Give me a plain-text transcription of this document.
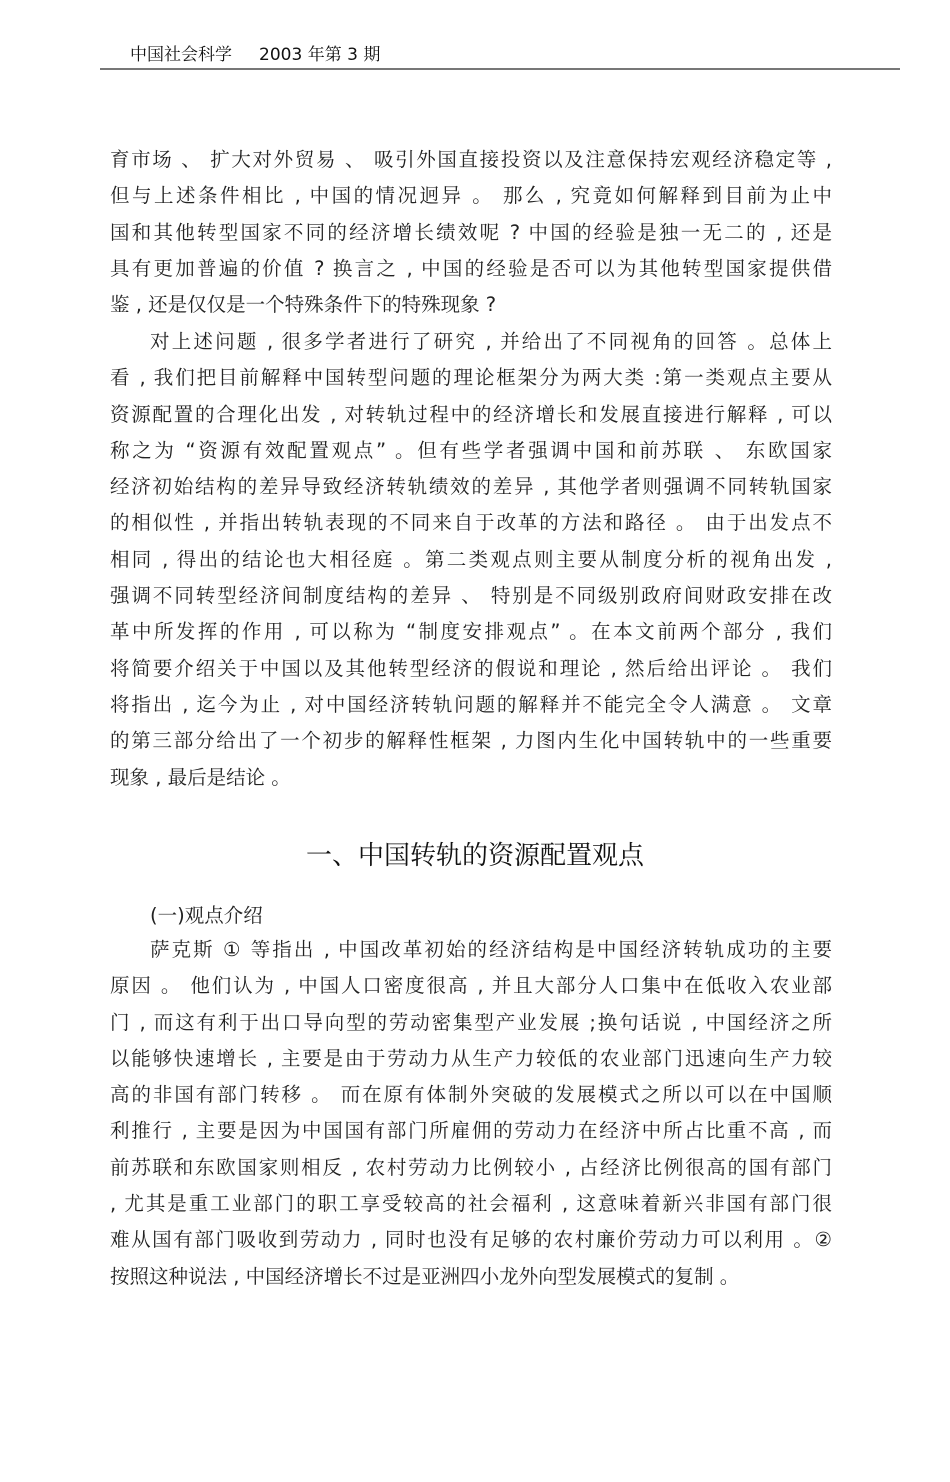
中国社会科学 2003 年第 3 期
育市场 、 扩大对外贸易 、 吸引外国直接投资以及注意保持宏观经济稳定等 ,
但与上述条件相比 , 中国的情况迥异 。 那么 , 究竟如何解释到目前为止中
国和其他转型国家不同的经济增长绩效呢 ? 中国的经验是独一无二的 , 还是
具有更加普遍的价值 ? 换言之 , 中国的经验是否可以为其他转型国家提供借
鉴 , 还是仅仅是一个特殊条件下的特殊现象 ?
对上述问题 , 很多学者进行了研究 , 并给出了不同视角的回答 。总体上
看 , 我们把目前解释中国转型问题的理论框架分为两大类 :第一类观点主要从
资源配置的合理化出发 , 对转轨过程中的经济增长和发展直接进行解释 , 可以
称之为 “资源有效配置观点” 。但有些学者强调中国和前苏联 、 东欧国家
经济初始结构的差异导致经济转轨绩效的差异 , 其他学者则强调不同转轨国家
的相似性 , 并指出转轨表现的不同来自于改革的方法和路径 。 由于出发点不
相同 , 得出的结论也大相径庭 。第二类观点则主要从制度分析的视角出发 ,
强调不同转型经济间制度结构的差异 、 特别是不同级别政府间财政安排在改
革中所发挥的作用 , 可以称为 “制度安排观点” 。在本文前两个部分 , 我们
将简要介绍关于中国以及其他转型经济的假说和理论 , 然后给出评论 。 我们
将指出 , 迄今为止 , 对中国经济转轨问题的解释并不能完全令人满意 。 文章
的第三部分给出了一个初步的解释性框架 , 力图内生化中国转轨中的一些重要
现象 , 最后是结论 。
一、中国转轨的资源配置观点
(一)观点介绍
萨克斯 ① 等指出 , 中国改革初始的经济结构是中国经济转轨成功的主要
原因 。 他们认为 , 中国人口密度很高 , 并且大部分人口集中在低收入农业部
门 , 而这有利于出口导向型的劳动密集型产业发展 ;换句话说 , 中国经济之所
以能够快速增长 , 主要是由于劳动力从生产力较低的农业部门迅速向生产力较
高的非国有部门转移 。 而在原有体制外突破的发展模式之所以可以在中国顺
利推行 , 主要是因为中国国有部门所雇佣的劳动力在经济中所占比重不高 , 而
前苏联和东欧国家则相反 , 农村劳动力比例较小 , 占经济比例很高的国有部门
, 尤其是重工业部门的职工享受较高的社会福利 , 这意味着新兴非国有部门很
难从国有部门吸收到劳动力 , 同时也没有足够的农村廉价劳动力可以利用 。②
按照这种说法 , 中国经济增长不过是亚洲四小龙外向型发展模式的复制 。
